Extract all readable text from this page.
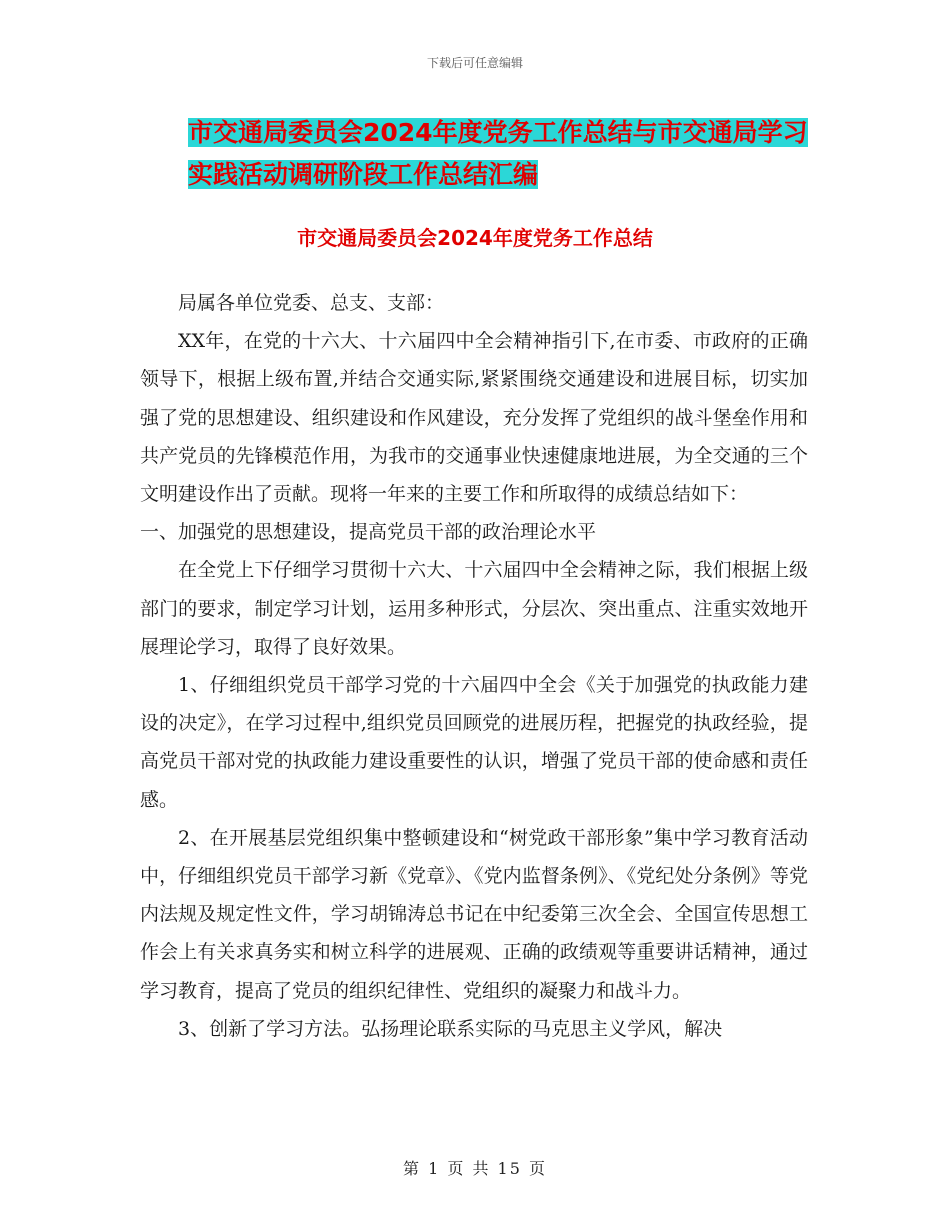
下载后可任意编辑
市交通局委员会2024年度党务工作总结与市交通局学习实践活动调研阶段工作总结汇编
市交通局委员会2024年度党务工作总结

局属各单位党委、总支、支部：

XX年，在党的十六大、十六届四中全会精神指引下,在市委、市政府的正确领导下，根据上级布置,并结合交通实际,紧紧围绕交通建设和进展目标，切实加强了党的思想建设、组织建设和作风建设，充分发挥了党组织的战斗堡垒作用和共产党员的先锋模范作用，为我市的交通事业快速健康地进展，为全交通的三个文明建设作出了贡献。现将一年来的主要工作和所取得的成绩总结如下：

一、加强党的思想建设，提高党员干部的政治理论水平

在全党上下仔细学习贯彻十六大、十六届四中全会精神之际，我们根据上级部门的要求，制定学习计划，运用多种形式，分层次、突出重点、注重实效地开展理论学习，取得了良好效果。

1、仔细组织党员干部学习党的十六届四中全会《关于加强党的执政能力建设的决定》，在学习过程中,组织党员回顾党的进展历程，把握党的执政经验，提高党员干部对党的执政能力建设重要性的认识，增强了党员干部的使命感和责任感。

2、在开展基层党组织集中整顿建设和“树党政干部形象”集中学习教育活动中，仔细组织党员干部学习新《党章》、《党内监督条例》、《党纪处分条例》等党内法规及规定性文件，学习胡锦涛总书记在中纪委第三次全会、全国宣传思想工作会上有关求真务实和树立科学的进展观、正确的政绩观等重要讲话精神，通过学习教育，提高了党员的组织纪律性、党组织的凝聚力和战斗力。

3、创新了学习方法。弘扬理论联系实际的马克思主义学风，解决

第 1 页 共 15 页
